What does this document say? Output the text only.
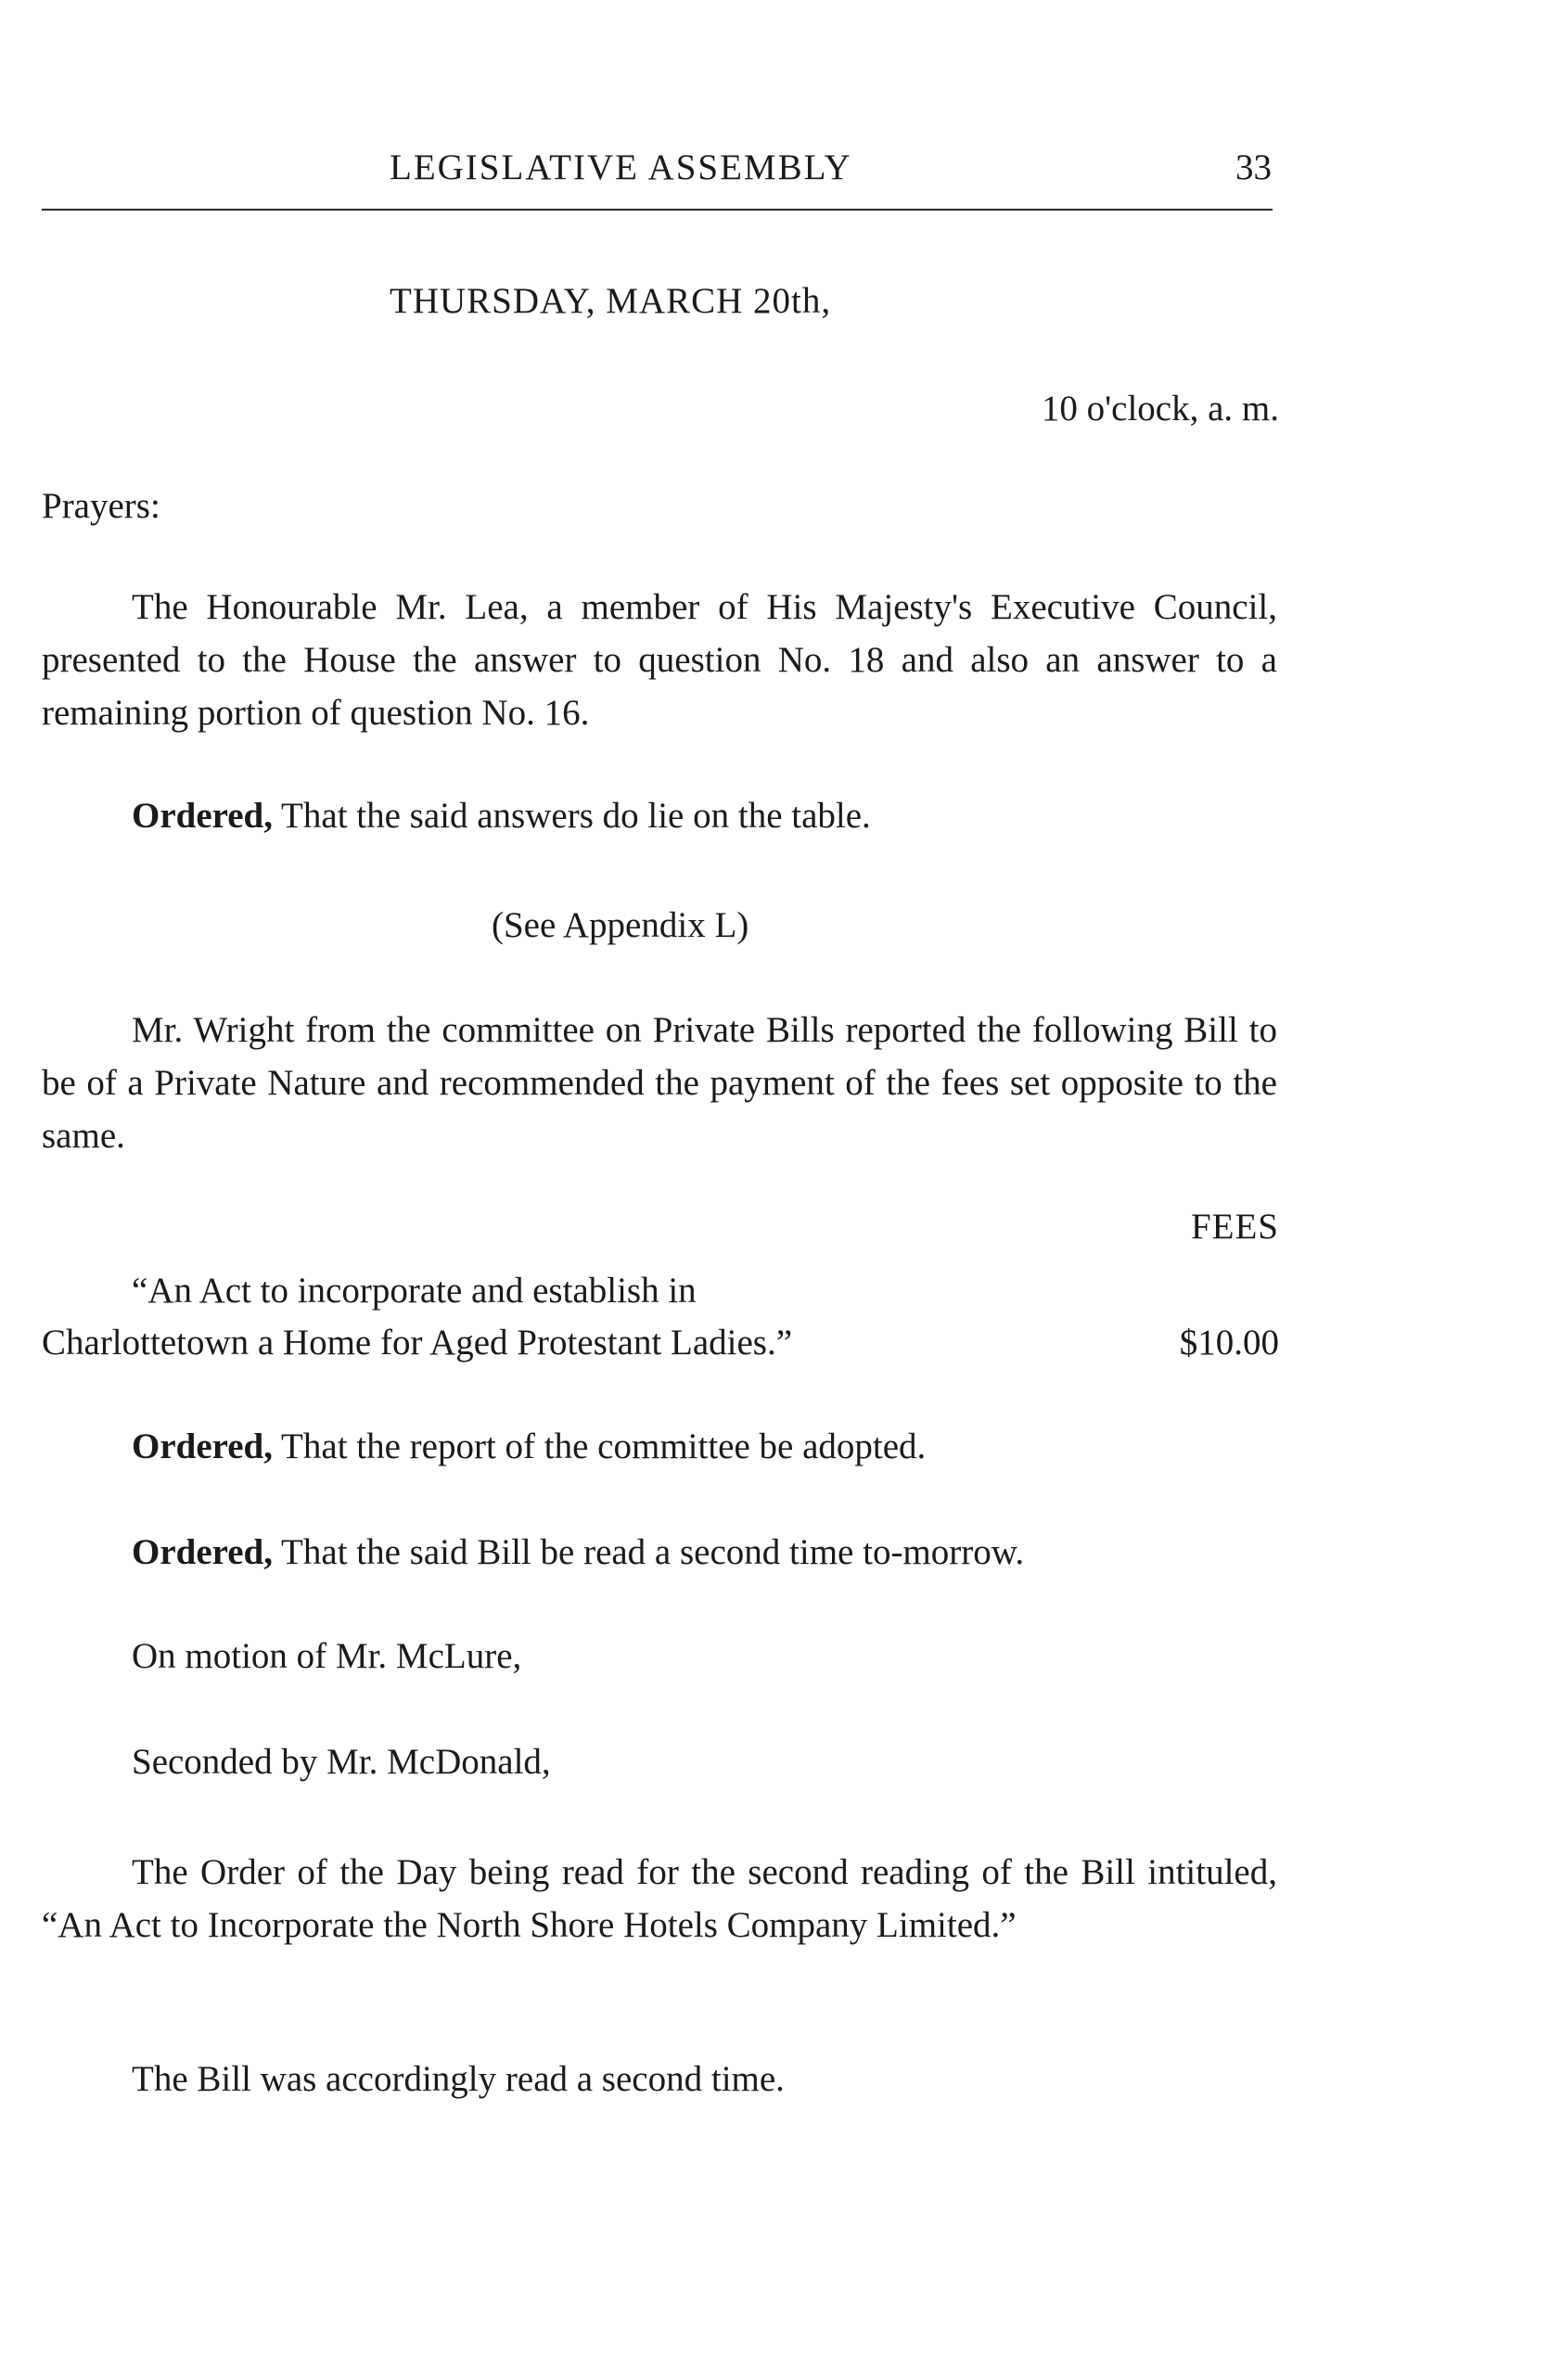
LEGISLATIVE ASSEMBLY	33
THURSDAY, MARCH 20th,
10 o'clock, a. m.
Prayers:
The Honourable Mr. Lea, a member of His Majesty's Executive Council, presented to the House the answer to question No. 18 and also an answer to a remaining portion of question No. 16.
Ordered, That the said answers do lie on the table.
(See Appendix L)
Mr. Wright from the committee on Private Bills reported the following Bill to be of a Private Nature and recommended the payment of the fees set opposite to the same.
FEES
“An Act to incorporate and establish in
Charlottetown a Home for Aged Protestant Ladies.”	$10.00
Ordered, That the report of the committee be adopted.
Ordered, That the said Bill be read a second time to-morrow.
On motion of Mr. McLure,
Seconded by Mr. McDonald,
The Order of the Day being read for the second reading of the Bill intituled, “An Act to Incorporate the North Shore Hotels Company Limited.”
The Bill was accordingly read a second time.
